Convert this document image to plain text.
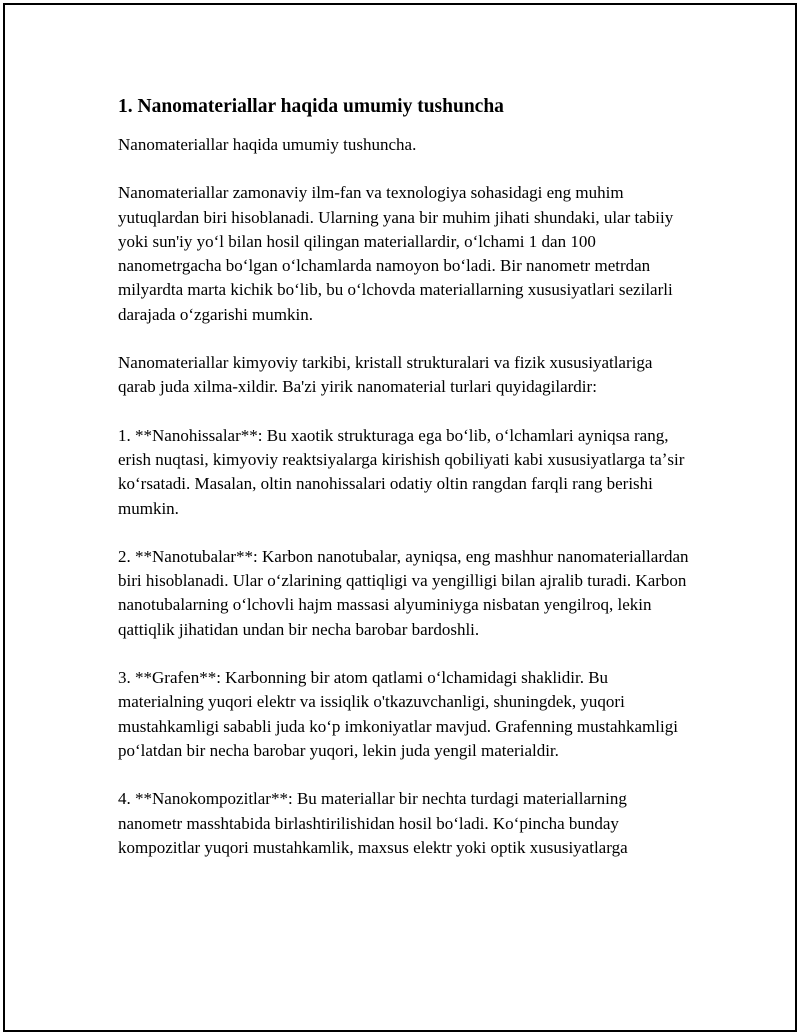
1. Nanomateriallar haqida umumiy tushuncha

Nanomateriallar haqida umumiy tushuncha.

Nanomateriallar zamonaviy ilm-fan va texnologiya sohasidagi eng muhim yutuqlardan biri hisoblanadi. Ularning yana bir muhim jihati shundaki, ular tabiiy yoki sun'iy yoʻl bilan hosil qilingan materiallardir, oʻlchami 1 dan 100 nanometrgacha boʻlgan oʻlchamlarda namoyon boʻladi. Bir nanometr metrdan milyardta marta kichik boʻlib, bu oʻlchovda materiallarning xususiyatlari sezilarli darajada oʻzgarishi mumkin.

Nanomateriallar kimyoviy tarkibi, kristall strukturalari va fizik xususiyatlariga qarab juda xilma-xildir. Ba'zi yirik nanomaterial turlari quyidagilardir:

1. **Nanohissalar**: Bu xaotik strukturaga ega boʻlib, oʻlchamlari ayniqsa rang, erish nuqtasi, kimyoviy reaktsiyalarga kirishish qobiliyati kabi xususiyatlarga taʼsir koʻrsatadi. Masalan, oltin nanohissalari odatiy oltin rangdan farqli rang berishi mumkin.

2. **Nanotubalar**: Karbon nanotubalar, ayniqsa, eng mashhur nanomateriallardan biri hisoblanadi. Ular oʻzlarining qattiqligi va yengilligi bilan ajralib turadi. Karbon nanotubalarning oʻlchovli hajm massasi alyuminiyga nisbatan yengilroq, lekin qattiqlik jihatidan undan bir necha barobar bardoshli.

3. **Grafen**: Karbonning bir atom qatlami oʻlchamidagi shaklidir. Bu materialning yuqori elektr va issiqlik o'tkazuvchanligi, shuningdek, yuqori mustahkamligi sababli juda koʻp imkoniyatlar mavjud. Grafenning mustahkamligi poʻlatdan bir necha barobar yuqori, lekin juda yengil materialdir.

4. **Nanokompozitlar**: Bu materiallar bir nechta turdagi materiallarning nanometr masshtabida birlashtirilishidan hosil boʻladi. Koʻpincha bunday kompozitlar yuqori mustahkamlik, maxsus elektr yoki optik xususiyatlarga
